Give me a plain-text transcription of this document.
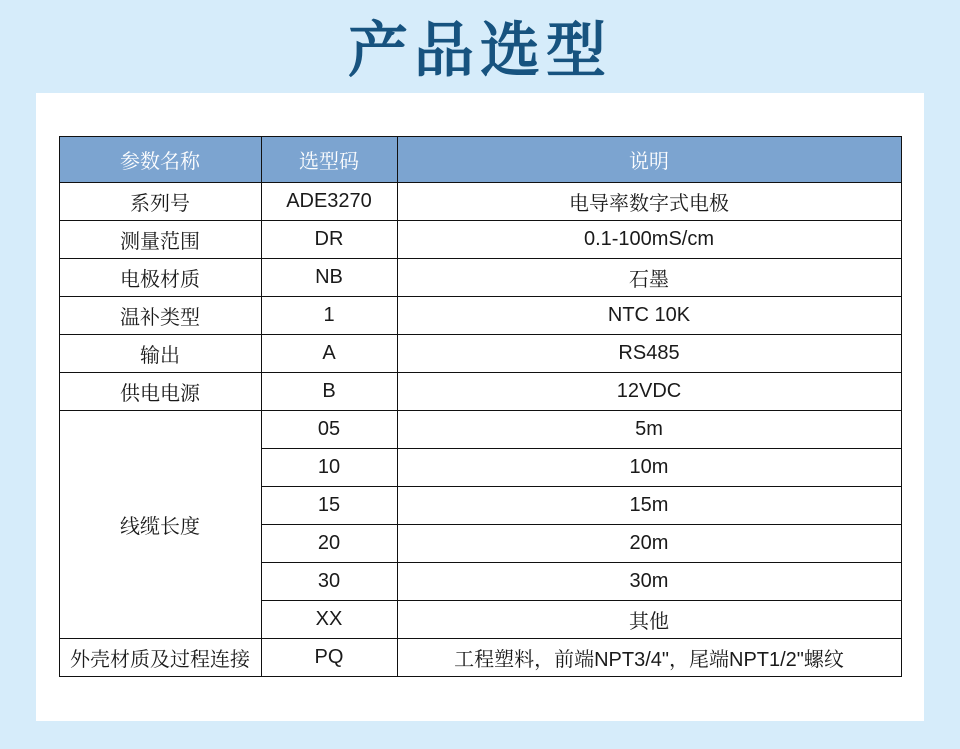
产品选型
参数名称	选型码	说明
系列号	ADE3270	电导率数字式电极
测量范围	DR	0.1-100mS/cm
电极材质	NB	石墨
温补类型	1	NTC 10K
输出	A	RS485
供电电源	B	12VDC
线缆长度	05	5m
	10	10m
	15	15m
	20	20m
	30	30m
	XX	其他
外壳材质及过程连接	PQ	工程塑料，前端NPT3/4"，尾端NPT1/2"螺纹
